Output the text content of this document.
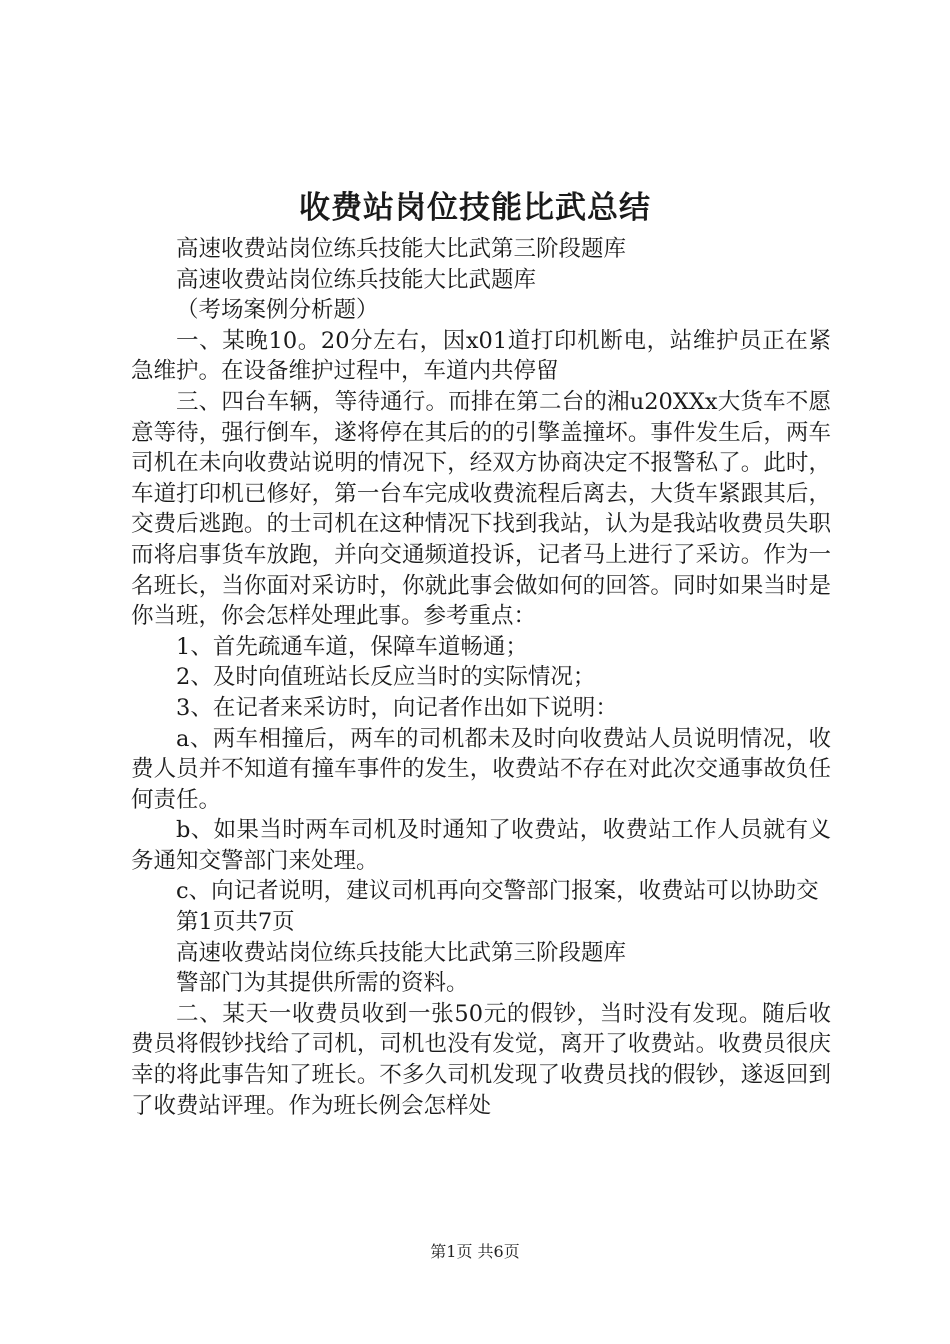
收费站岗位技能比武总结

高速收费站岗位练兵技能大比武第三阶段题库

高速收费站岗位练兵技能大比武题库

（考场案例分析题）

一、某晚10。20分左右，因x01道打印机断电，站维护员正在紧急维护。在设备维护过程中，车道内共停留

三、四台车辆，等待通行。而排在第二台的湘u20XXx大货车不愿意等待，强行倒车，遂将停在其后的的引擎盖撞坏。事件发生后，两车司机在未向收费站说明的情况下，经双方协商决定不报警私了。此时，车道打印机已修好，第一台车完成收费流程后离去，大货车紧跟其后，交费后逃跑。的士司机在这种情况下找到我站，认为是我站收费员失职而将启事货车放跑，并向交通频道投诉，记者马上进行了采访。作为一名班长，当你面对采访时，你就此事会做如何的回答。同时如果当时是你当班，你会怎样处理此事。参考重点：

1、首先疏通车道，保障车道畅通；

2、及时向值班站长反应当时的实际情况；

3、在记者来采访时，向记者作出如下说明：

a、两车相撞后，两车的司机都未及时向收费站人员说明情况，收费人员并不知道有撞车事件的发生，收费站不存在对此次交通事故负任何责任。

b、如果当时两车司机及时通知了收费站，收费站工作人员就有义务通知交警部门来处理。

c、向记者说明，建议司机再向交警部门报案，收费站可以协助交

第1页共7页

高速收费站岗位练兵技能大比武第三阶段题库

警部门为其提供所需的资料。

二、某天一收费员收到一张50元的假钞，当时没有发现。随后收费员将假钞找给了司机，司机也没有发觉，离开了收费站。收费员很庆幸的将此事告知了班长。不多久司机发现了收费员找的假钞，遂返回到了收费站评理。作为班长例会怎样处

第1页 共6页
